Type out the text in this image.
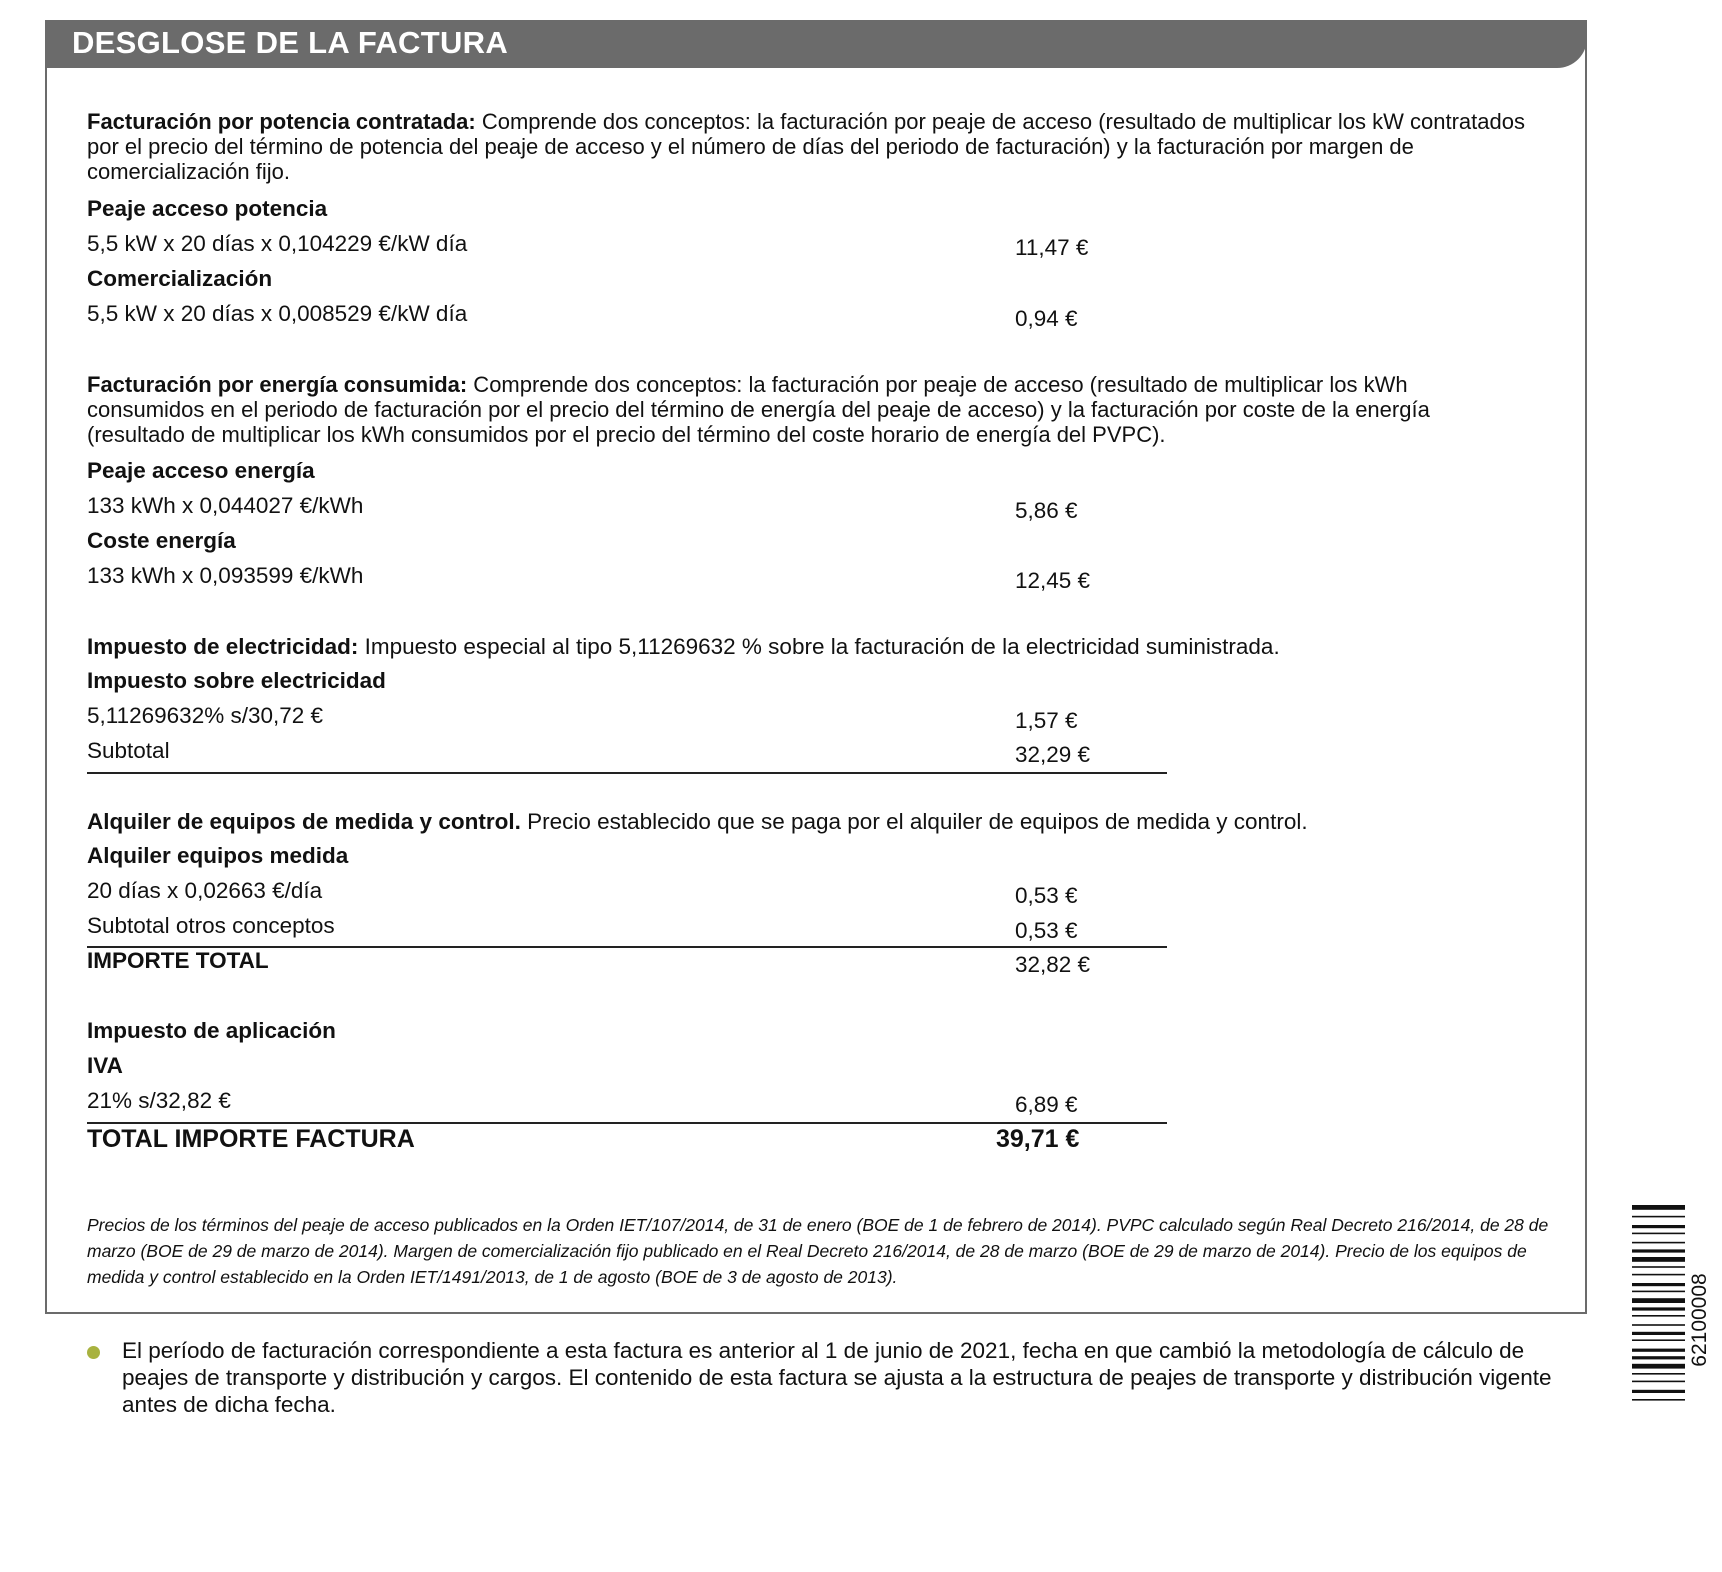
DESGLOSE DE LA FACTURA
Facturación por potencia contratada: Comprende dos conceptos: la facturación por peaje de acceso (resultado de multiplicar los kW contratados por el precio del término de potencia del peaje de acceso y el número de días del periodo de facturación) y la facturación por margen de comercialización fijo.
Peaje acceso potencia
5,5 kW x 20 días x 0,104229 €/kW día	11,47 €
Comercialización
5,5 kW x 20 días x 0,008529 €/kW día	0,94 €
Facturación por energía consumida: Comprende dos conceptos: la facturación por peaje de acceso (resultado de multiplicar los kWh consumidos en el periodo de facturación por el precio del término de energía del peaje de acceso) y la facturación por coste de la energía (resultado de multiplicar los kWh consumidos por el precio del término del coste horario de energía del PVPC).
Peaje acceso energía
133 kWh x 0,044027 €/kWh	5,86 €
Coste energía
133 kWh x 0,093599 €/kWh	12,45 €
Impuesto de electricidad: Impuesto especial al tipo 5,11269632 % sobre la facturación de la electricidad suministrada.
Impuesto sobre electricidad
5,11269632% s/30,72 €	1,57 €
Subtotal	32,29 €
Alquiler de equipos de medida y control. Precio establecido que se paga por el alquiler de equipos de medida y control.
Alquiler equipos medida
20 días x 0,02663 €/día	0,53 €
Subtotal otros conceptos	0,53 €
IMPORTE TOTAL	32,82 €
Impuesto de aplicación
IVA
21% s/32,82 €	6,89 €
TOTAL IMPORTE FACTURA	39,71 €
Precios de los términos del peaje de acceso publicados en la Orden IET/107/2014, de 31 de enero (BOE de 1 de febrero de 2014). PVPC calculado según Real Decreto 216/2014, de 28 de marzo (BOE de 29 de marzo de 2014). Margen de comercialización fijo publicado en el Real Decreto 216/2014, de 28 de marzo (BOE de 29 de marzo de 2014). Precio de los equipos de medida y control establecido en la Orden IET/1491/2013, de 1 de agosto (BOE de 3 de agosto de 2013).
El período de facturación correspondiente a esta factura es anterior al 1 de junio de 2021, fecha en que cambió la metodología de cálculo de peajes de transporte y distribución y cargos. El contenido de esta factura se ajusta a la estructura de peajes de transporte y distribución vigente antes de dicha fecha.
62100008
